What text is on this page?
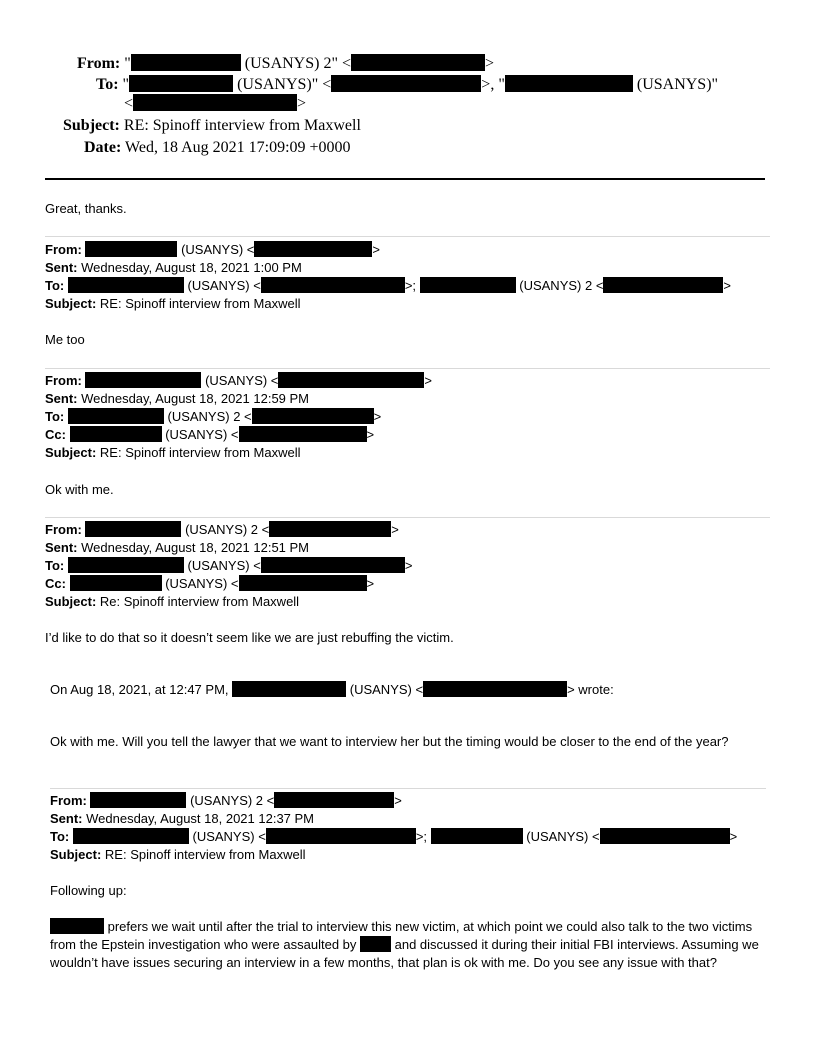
From: "	(USANYS) 2" <	>
To: "	(USANYS)" <	>, "	(USANYS)"
<	>
Subject: RE: Spinoff interview from Maxwell
Date: Wed, 18 Aug 2021 17:09:09 +0000
Great, thanks.
From:	(USANYS) <	>
Sent: Wednesday, August 18, 2021 1:00 PM
To:	(USANYS) <	>;	(USANYS) 2 <	>
Subject: RE: Spinoff interview from Maxwell
Me too
From:	(USANYS) <	>
Sent: Wednesday, August 18, 2021 12:59 PM
To:	(USANYS) 2 <	>
Cc:	(USANYS) <	>
Subject: RE: Spinoff interview from Maxwell
Ok with me.
From:	(USANYS) 2 <	>
Sent: Wednesday, August 18, 2021 12:51 PM
To:	(USANYS) <	>
Cc:	(USANYS) <	>
Subject: Re: Spinoff interview from Maxwell
I’d like to do that so it doesn’t seem like we are just rebuffing the victim.
On Aug 18, 2021, at 12:47 PM,	(USANYS) <	> wrote:
Ok with me. Will you tell the lawyer that we want to interview her but the timing would be closer to the end of the year?
From:	(USANYS) 2 <	>
Sent: Wednesday, August 18, 2021 12:37 PM
To:	(USANYS) <	>;	(USANYS) <	>
Subject: RE: Spinoff interview from Maxwell
Following up:
prefers we wait until after the trial to interview this new victim, at which point we could also talk to the two victims from the Epstein investigation who were assaulted by  and discussed it during their initial FBI interviews. Assuming we wouldn’t have issues securing an interview in a few months, that plan is ok with me. Do you see any issue with that?
